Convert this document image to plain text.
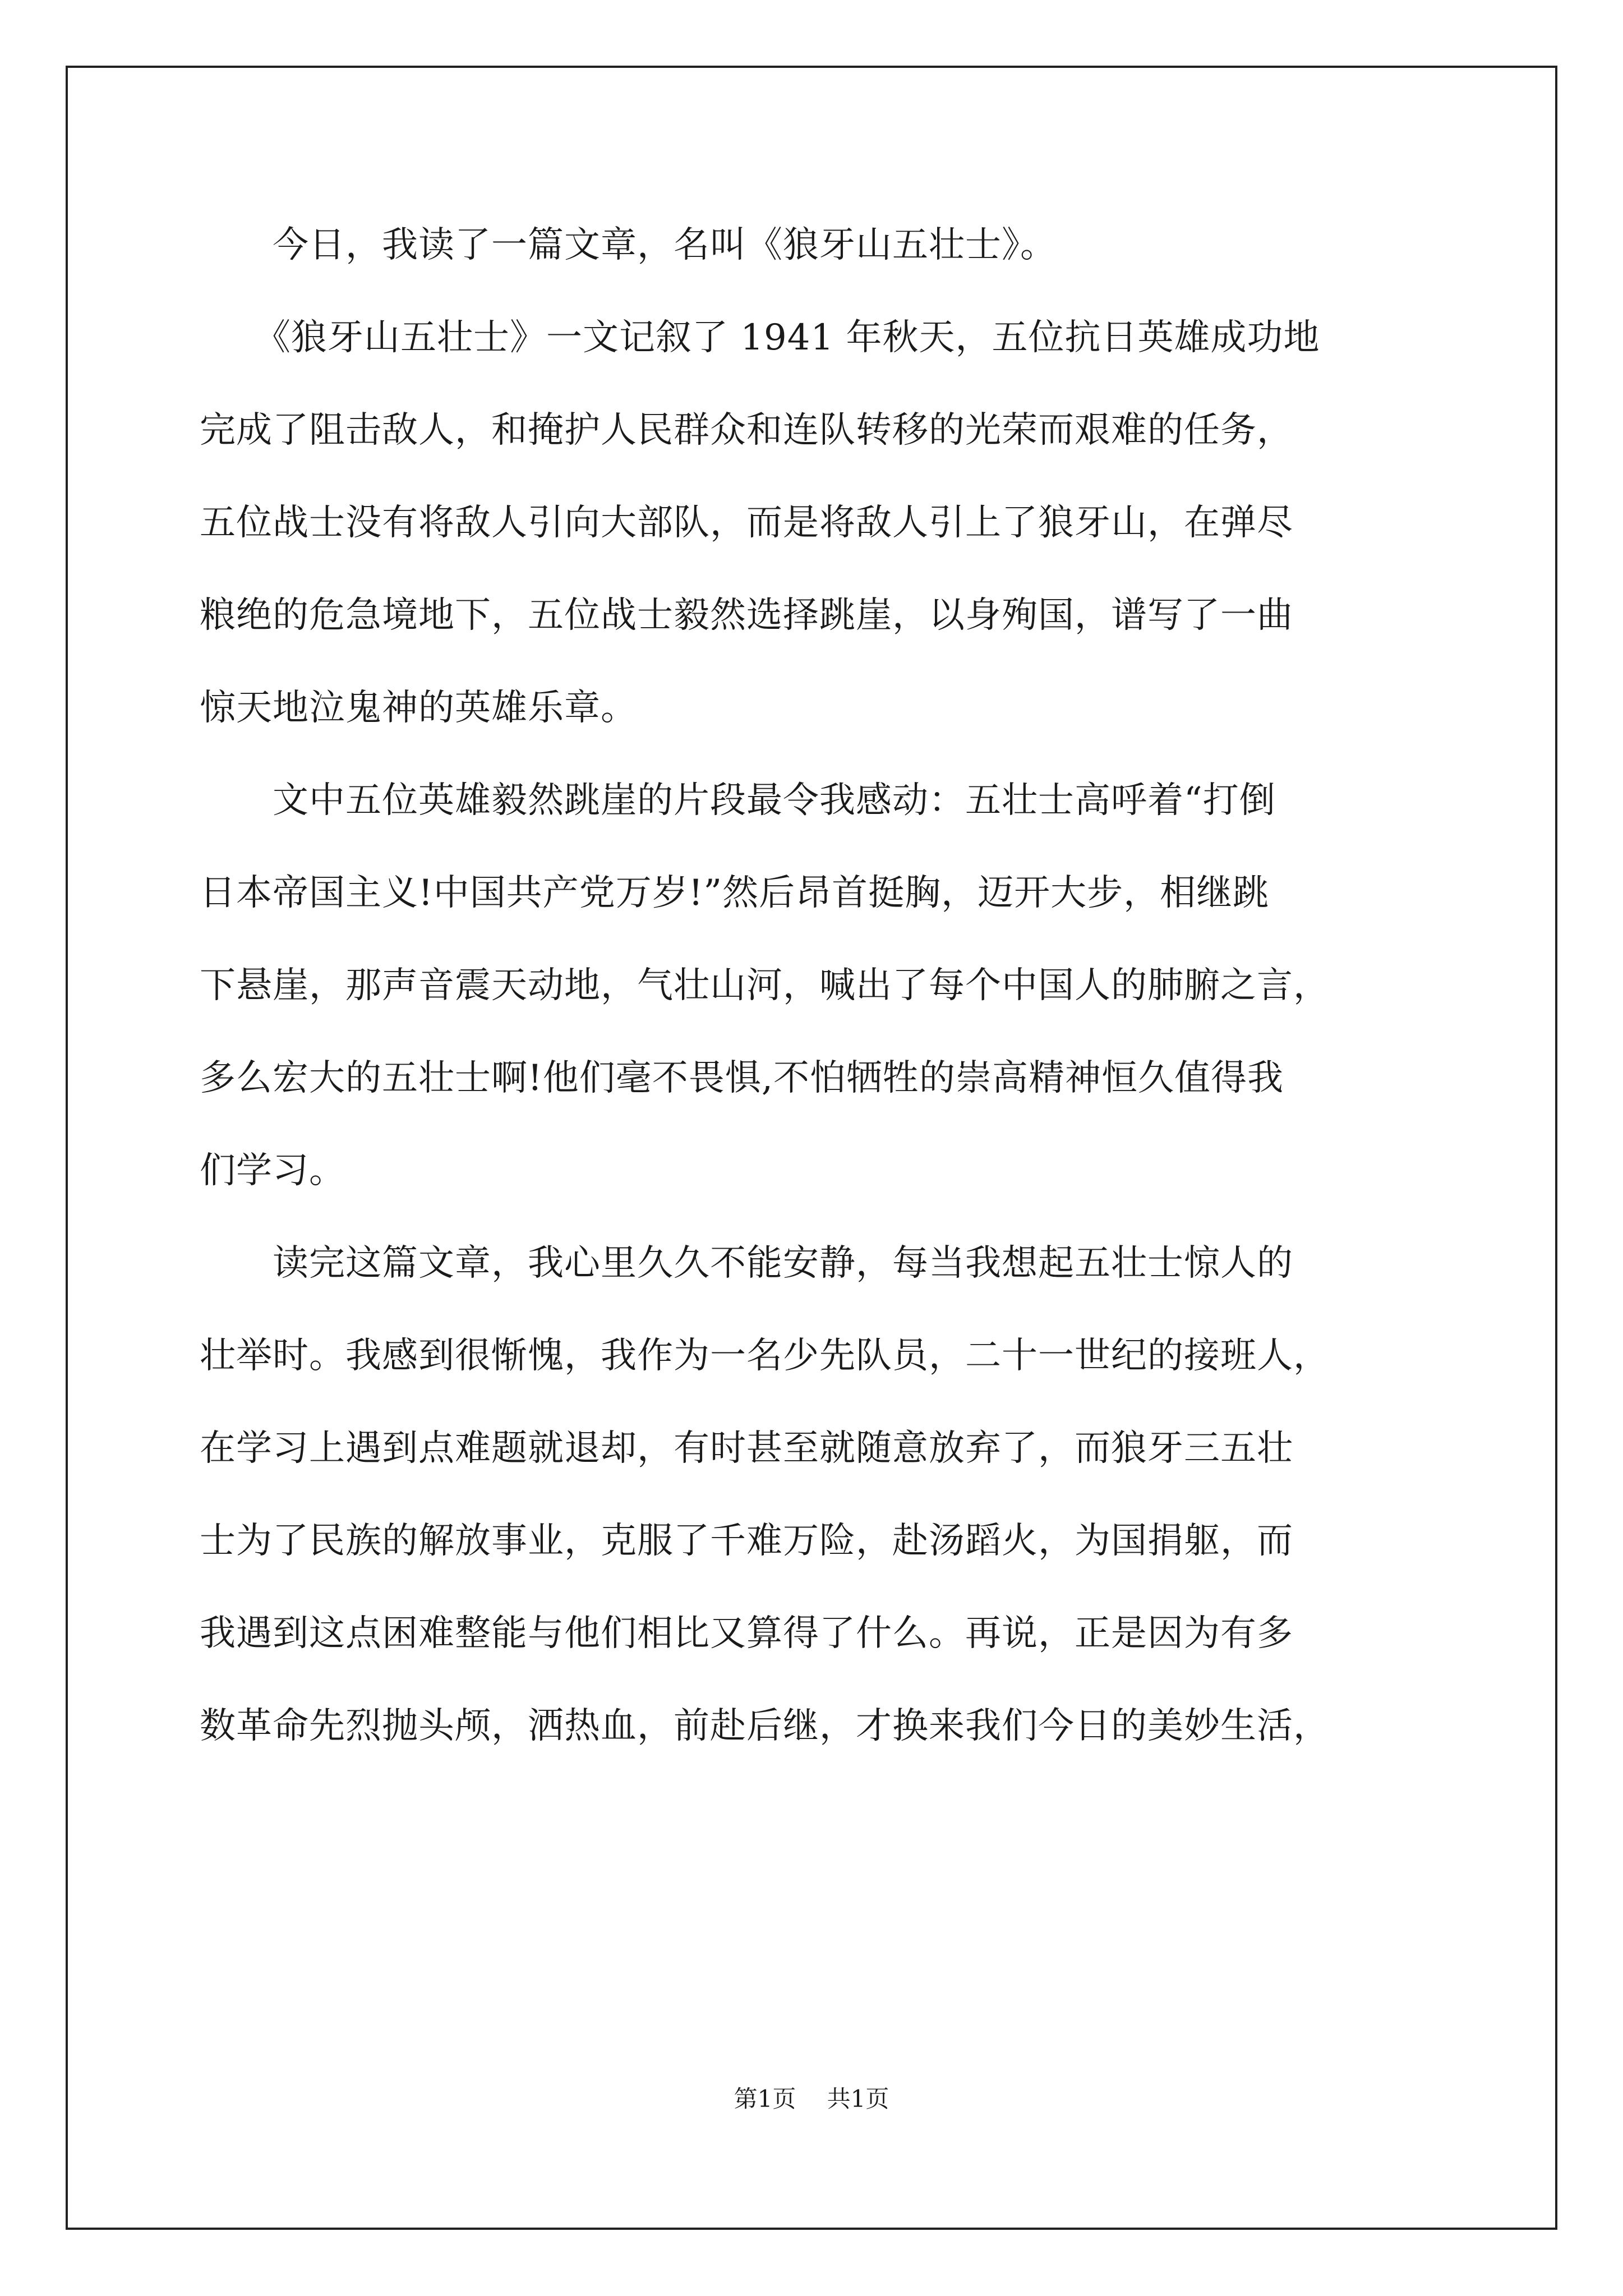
　　今日，我读了一篇文章，名叫《狼牙山五壮士》。
　　《狼牙山五壮士》一文记叙了 1941 年秋天，五位抗日英雄成功地
完成了阻击敌人，和掩护人民群众和连队转移的光荣而艰难的任务，
五位战士没有将敌人引向大部队，而是将敌人引上了狼牙山，在弹尽
粮绝的危急境地下，五位战士毅然选择跳崖，以身殉国，谱写了一曲
惊天地泣鬼神的英雄乐章。
　　文中五位英雄毅然跳崖的片段最令我感动：五壮士高呼着“打倒
日本帝国主义!中国共产党万岁!”然后昂首挺胸，迈开大步，相继跳
下悬崖，那声音震天动地，气壮山河，喊出了每个中国人的肺腑之言，
多么宏大的五壮士啊!他们毫不畏惧,不怕牺牲的崇高精神恒久值得我
们学习。
　　读完这篇文章，我心里久久不能安静，每当我想起五壮士惊人的
壮举时。我感到很惭愧，我作为一名少先队员，二十一世纪的接班人，
在学习上遇到点难题就退却，有时甚至就随意放弃了，而狼牙三五壮
士为了民族的解放事业，克服了千难万险，赴汤蹈火，为国捐躯，而
我遇到这点困难整能与他们相比又算得了什么。再说，正是因为有多
数革命先烈抛头颅，洒热血，前赴后继，才换来我们今日的美妙生活，
第1页　 共1页
